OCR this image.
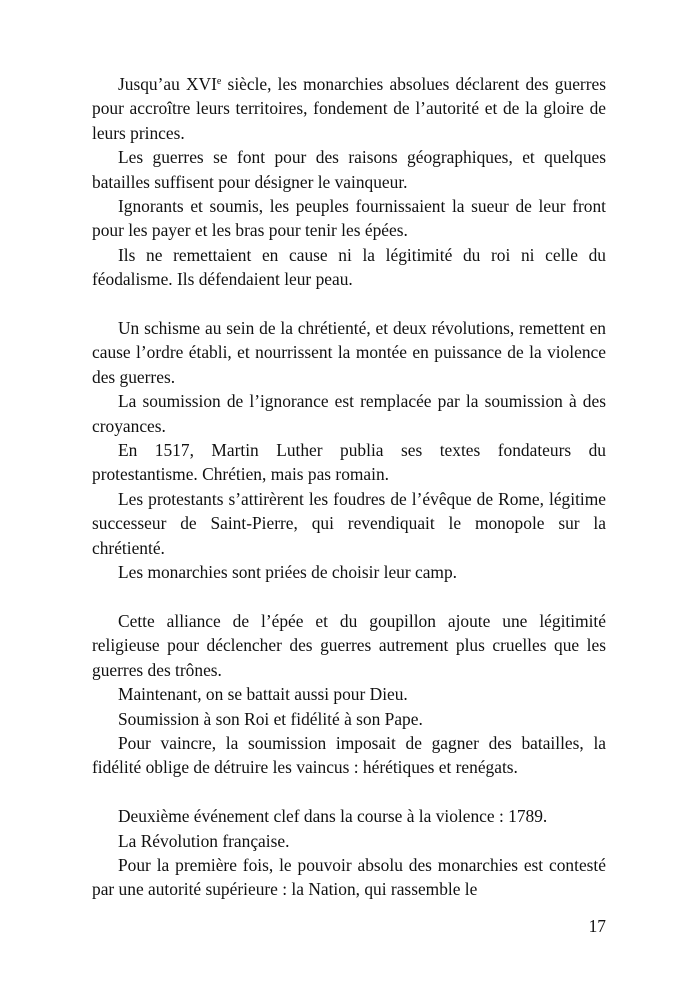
Jusqu’au XVIe siècle, les monarchies absolues déclarent des guerres pour accroître leurs territoires, fondement de l’autorité et de la gloire de leurs princes.

Les guerres se font pour des raisons géographiques, et quelques batailles suffisent pour désigner le vainqueur.

Ignorants et soumis, les peuples fournissaient la sueur de leur front pour les payer et les bras pour tenir les épées.

Ils ne remettaient en cause ni la légitimité du roi ni celle du féodalisme. Ils défendaient leur peau.

Un schisme au sein de la chrétienté, et deux révolutions, remettent en cause l’ordre établi, et nourrissent la montée en puissance de la violence des guerres.

La soumission de l’ignorance est remplacée par la soumission à des croyances.

En 1517, Martin Luther publia ses textes fondateurs du protestantisme. Chrétien, mais pas romain.

Les protestants s’attirèrent les foudres de l’évêque de Rome, légitime successeur de Saint-Pierre, qui revendiquait le monopole sur la chrétienté.

Les monarchies sont priées de choisir leur camp.

Cette alliance de l’épée et du goupillon ajoute une légitimité religieuse pour déclencher des guerres autrement plus cruelles que les guerres des trônes.

Maintenant, on se battait aussi pour Dieu.

Soumission à son Roi et fidélité à son Pape.

Pour vaincre, la soumission imposait de gagner des batailles, la fidélité oblige de détruire les vaincus : hérétiques et renégats.

Deuxième événement clef dans la course à la violence : 1789.

La Révolution française.

Pour la première fois, le pouvoir absolu des monarchies est contesté par une autorité supérieure : la Nation, qui rassemble le

17
